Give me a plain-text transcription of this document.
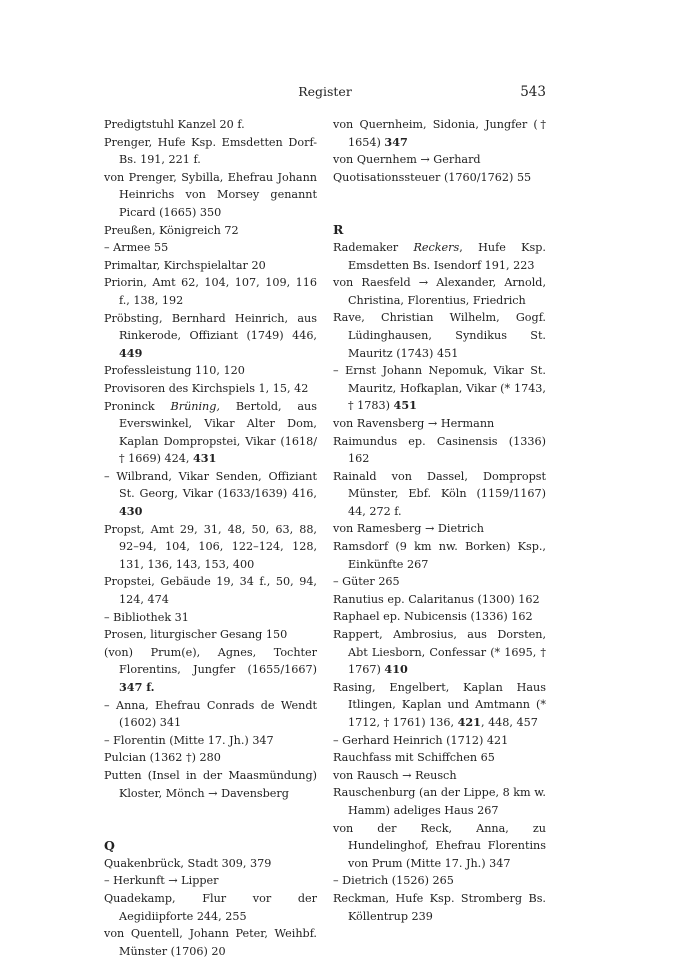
Register	543
Predigtstuhl Kanzel 20 f.
Prenger, Hufe Ksp. Emsdetten Dorf-Bs. 191, 221 f.
von Prenger, Sybilla, Ehefrau Johann Heinrichs von Morsey genannt Picard (1665) 350
Preußen, Königreich 72
– Armee 55
Primaltar, Kirchspielaltar 20
Priorin, Amt 62, 104, 107, 109, 116 f., 138, 192
Pröbsting, Bernhard Heinrich, aus Rinkerode, Offiziant (1749) 446, 449
Professleistung 110, 120
Provisoren des Kirchspiels 1, 15, 42
Proninck Brüning, Bertold, aus Everswinkel, Vikar Alter Dom, Kaplan Dompropstei, Vikar (1618/† 1669) 424, 431
– Wilbrand, Vikar Senden, Offiziant St. Georg, Vikar (1633/1639) 416, 430
Propst, Amt 29, 31, 48, 50, 63, 88, 92–94, 104, 106, 122–124, 128, 131, 136, 143, 153, 400
Propstei, Gebäude 19, 34 f., 50, 94, 124, 474
– Bibliothek 31
Prosen, liturgischer Gesang 150
(von) Prum(e), Agnes, Tochter Florentins, Jungfer (1655/1667) 347 f.
– Anna, Ehefrau Conrads de Wendt (1602) 341
– Florentin (Mitte 17. Jh.) 347
Pulcian (1362 †) 280
Putten (Insel in der Maasmündung) Kloster, Mönch → Davensberg
Q
Quakenbrück, Stadt 309, 379
– Herkunft → Lipper
Quadekamp, Flur vor der Aegidiipforte 244, 255
von Quentell, Johann Peter, Weihbf. Münster (1706) 20
von Quernheim, Sidonia, Jungfer († 1654) 347
von Quernhem → Gerhard
Quotisationssteuer (1760/1762) 55
R
Rademaker Reckers, Hufe Ksp. Emsdetten Bs. Isendorf 191, 223
von Raesfeld → Alexander, Arnold, Christina, Florentius, Friedrich
Rave, Christian Wilhelm, Gogf. Lüdinghausen, Syndikus St. Mauritz (1743) 451
– Ernst Johann Nepomuk, Vikar St. Mauritz, Hofkaplan, Vikar (* 1743, † 1783) 451
von Ravensberg → Hermann
Raimundus ep. Casinensis (1336) 162
Rainald von Dassel, Dompropst Münster, Ebf. Köln (1159/1167) 44, 272 f.
von Ramesberg → Dietrich
Ramsdorf (9 km nw. Borken) Ksp., Einkünfte 267
– Güter 265
Ranutius ep. Calaritanus (1300) 162
Raphael ep. Nubicensis (1336) 162
Rappert, Ambrosius, aus Dorsten, Abt Liesborn, Confessar (* 1695, † 1767) 410
Rasing, Engelbert, Kaplan Haus Itlingen, Kaplan und Amtmann (* 1712, † 1761) 136, 421, 448, 457
– Gerhard Heinrich (1712) 421
Rauchfass mit Schiffchen 65
von Rausch → Reusch
Rauschenburg (an der Lippe, 8 km w. Hamm) adeliges Haus 267
von der Reck, Anna, zu Hundelinghof, Ehefrau Florentins von Prum (Mitte 17. Jh.) 347
– Dietrich (1526) 265
Reckman, Hufe Ksp. Stromberg Bs. Köllentrup 239
